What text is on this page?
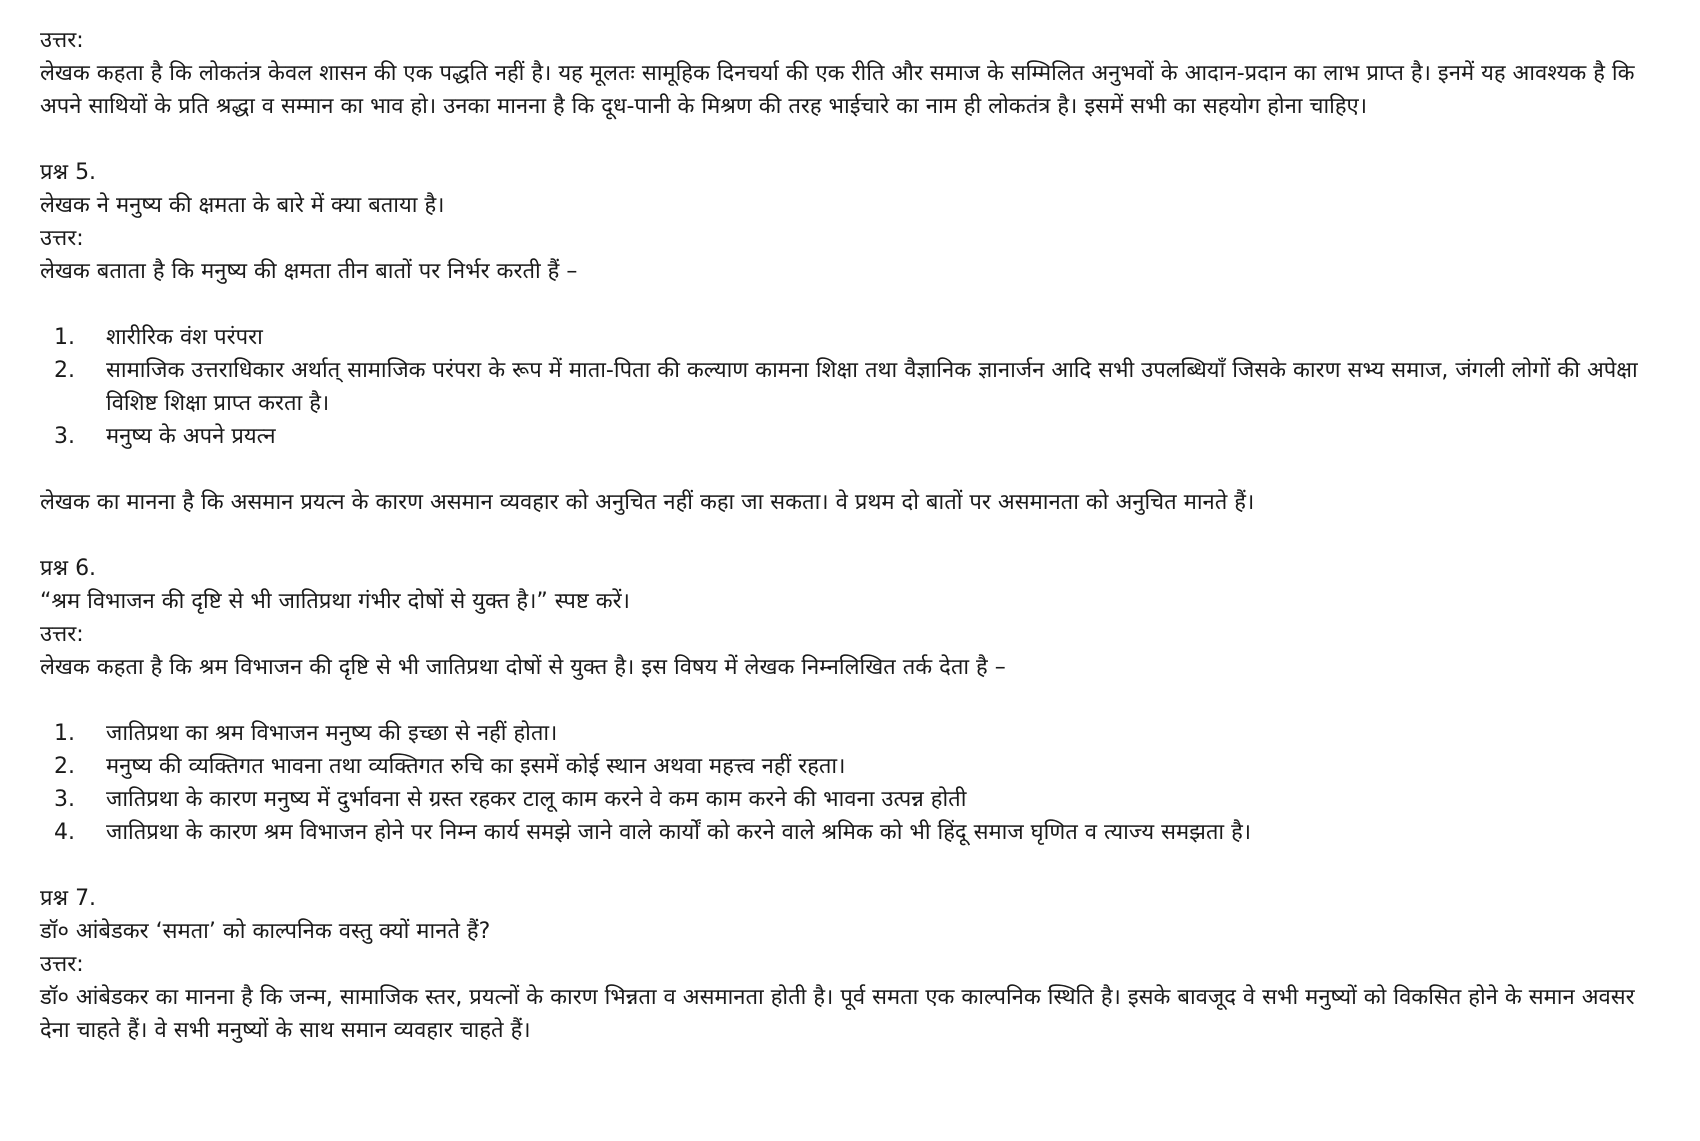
उत्तर:
लेखक कहता है कि लोकतंत्र केवल शासन की एक पद्धति नहीं है। यह मूलतः सामूहिक दिनचर्या की एक रीति और समाज के सम्मिलित अनुभवों के आदान-प्रदान का लाभ प्राप्त है। इनमें यह आवश्यक है कि अपने साथियों के प्रति श्रद्धा व सम्मान का भाव हो। उनका मानना है कि दूध-पानी के मिश्रण की तरह भाईचारे का नाम ही लोकतंत्र है। इसमें सभी का सहयोग होना चाहिए।
प्रश्न 5.
लेखक ने मनुष्य की क्षमता के बारे में क्या बताया है।
उत्तर:
लेखक बताता है कि मनुष्य की क्षमता तीन बातों पर निर्भर करती हैं –
1. शारीरिक वंश परंपरा
2. सामाजिक उत्तराधिकार अर्थात् सामाजिक परंपरा के रूप में माता-पिता की कल्याण कामना शिक्षा तथा वैज्ञानिक ज्ञानार्जन आदि सभी उपलब्धियाँ जिसके कारण सभ्य समाज, जंगली लोगों की अपेक्षा विशिष्ट शिक्षा प्राप्त करता है।
3. मनुष्य के अपने प्रयत्न
लेखक का मानना है कि असमान प्रयत्न के कारण असमान व्यवहार को अनुचित नहीं कहा जा सकता। वे प्रथम दो बातों पर असमानता को अनुचित मानते हैं।
प्रश्न 6.
“श्रम विभाजन की दृष्टि से भी जातिप्रथा गंभीर दोषों से युक्त है।” स्पष्ट करें।
उत्तर:
लेखक कहता है कि श्रम विभाजन की दृष्टि से भी जातिप्रथा दोषों से युक्त है। इस विषय में लेखक निम्नलिखित तर्क देता है –
1. जातिप्रथा का श्रम विभाजन मनुष्य की इच्छा से नहीं होता।
2. मनुष्य की व्यक्तिगत भावना तथा व्यक्तिगत रुचि का इसमें कोई स्थान अथवा महत्त्व नहीं रहता।
3. जातिप्रथा के कारण मनुष्य में दुर्भावना से ग्रस्त रहकर टालू काम करने वे कम काम करने की भावना उत्पन्न होती
4. जातिप्रथा के कारण श्रम विभाजन होने पर निम्न कार्य समझे जाने वाले कार्यों को करने वाले श्रमिक को भी हिंदू समाज घृणित व त्याज्य समझता है।
प्रश्न 7.
डॉ० आंबेडकर ‘समता’ को काल्पनिक वस्तु क्यों मानते हैं?
उत्तर:
डॉ० आंबेडकर का मानना है कि जन्म, सामाजिक स्तर, प्रयत्नों के कारण भिन्नता व असमानता होती है। पूर्व समता एक काल्पनिक स्थिति है। इसके बावजूद वे सभी मनुष्यों को विकसित होने के समान अवसर देना चाहते हैं। वे सभी मनुष्यों के साथ समान व्यवहार चाहते हैं।
